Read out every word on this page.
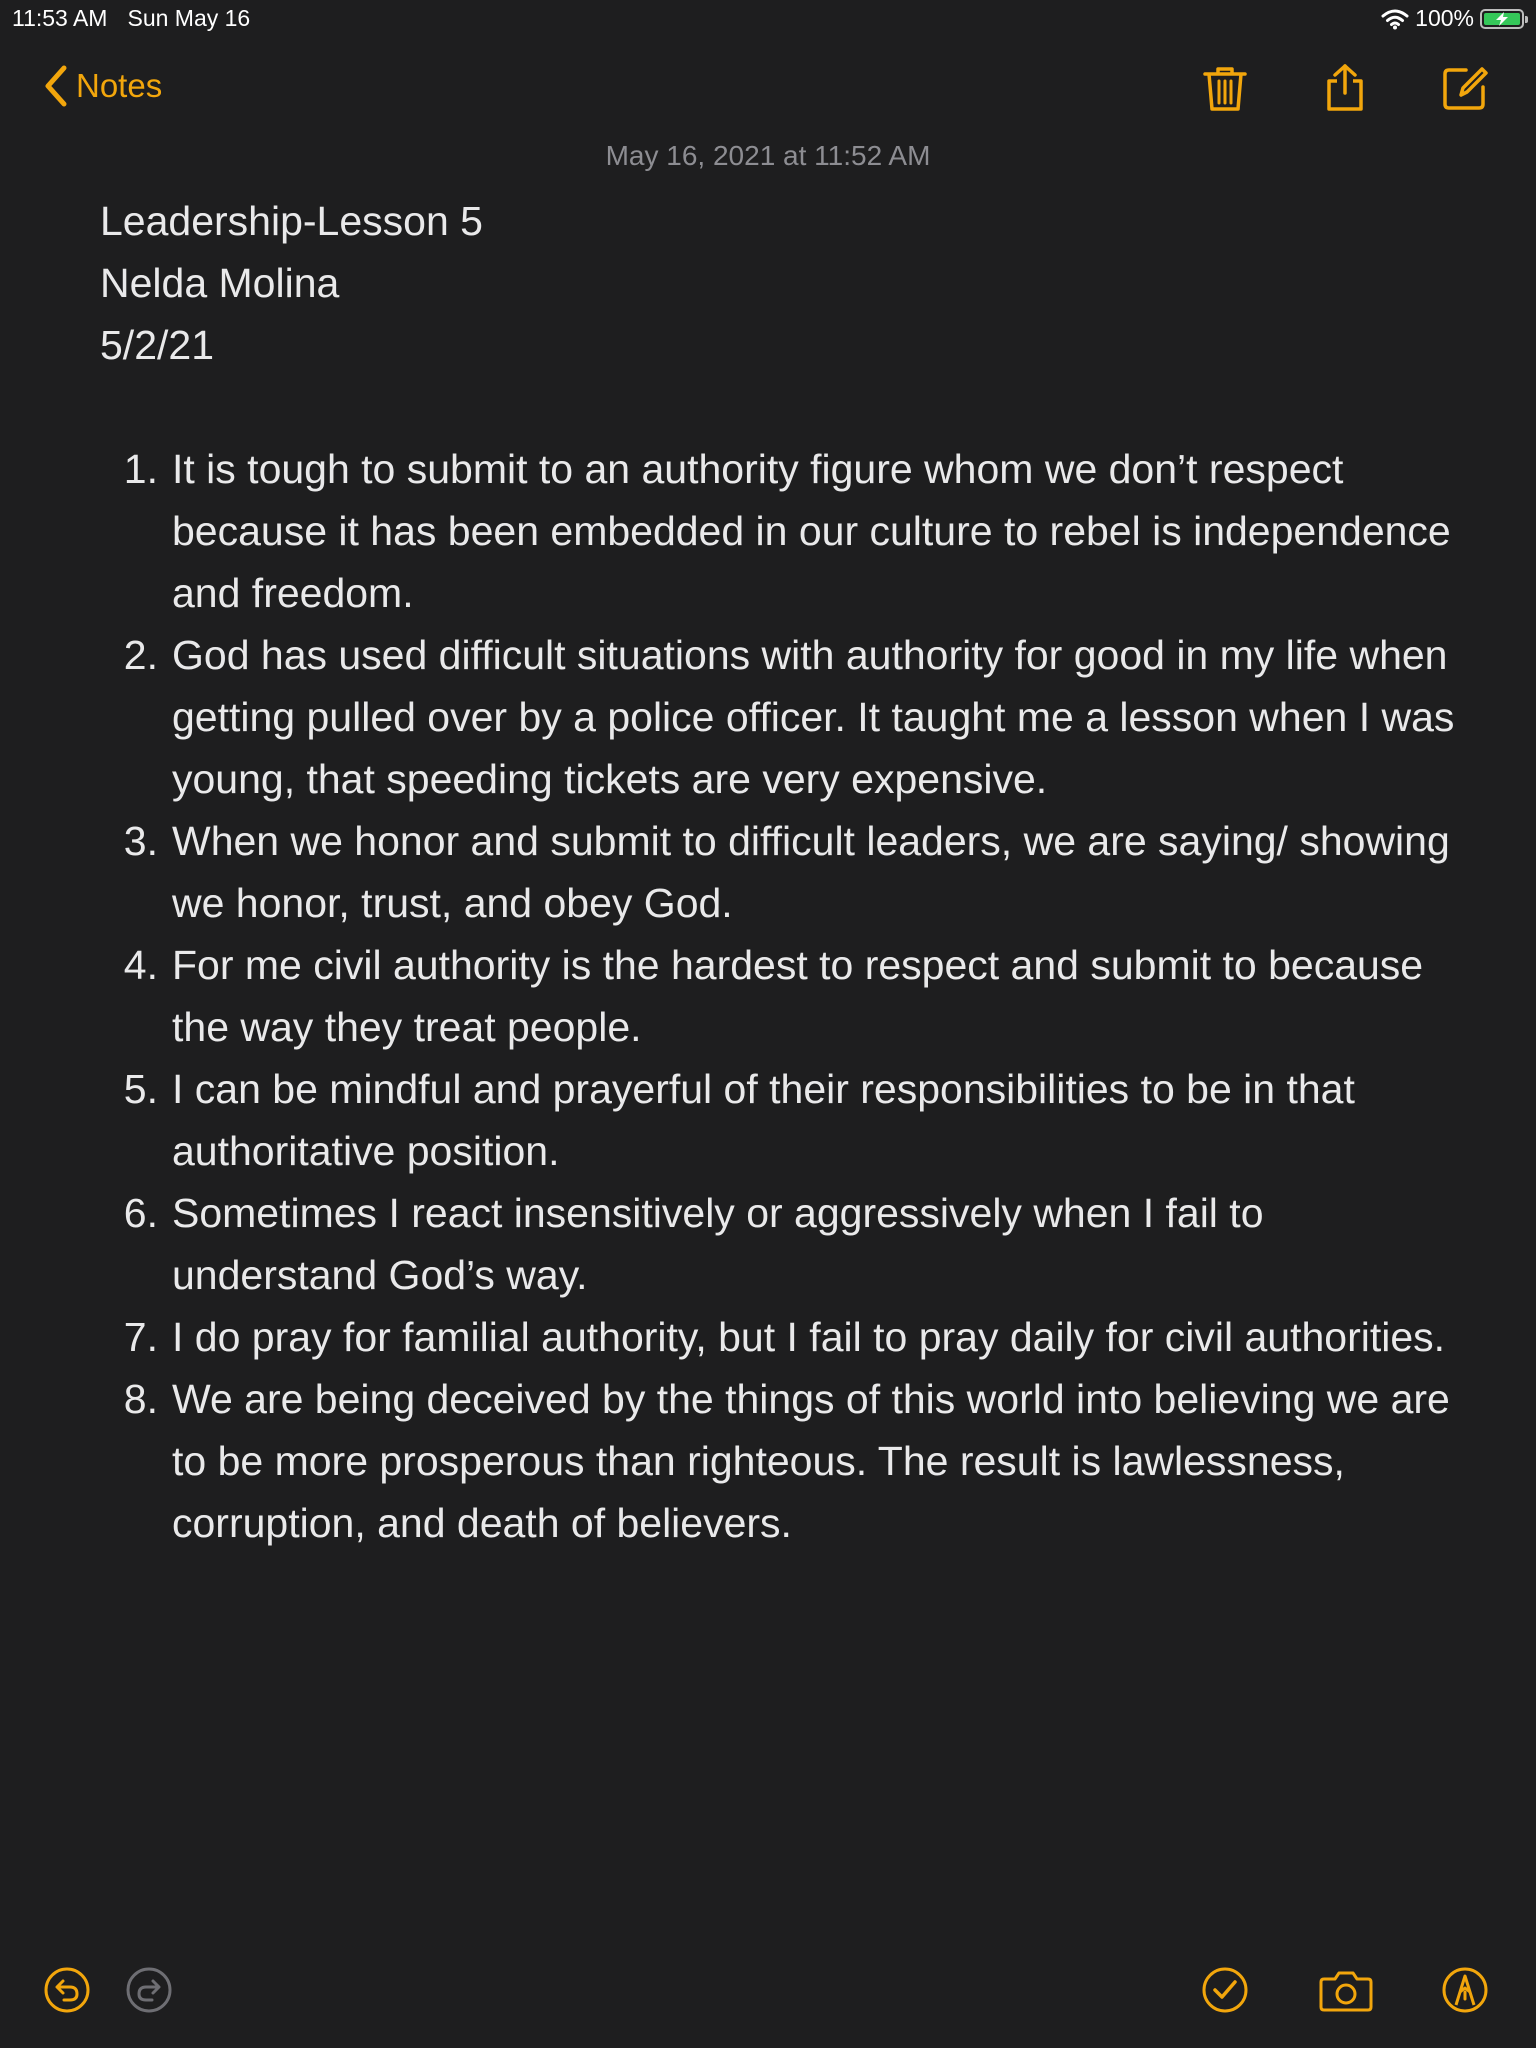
11:53 AM Sun May 16	100%
Notes
May 16, 2021 at 11:52 AM
Leadership-Lesson 5
Nelda Molina
5/2/21
1. It is tough to submit to an authority figure whom we don’t respect because it has been embedded in our culture to rebel is independence and freedom.
2. God has used difficult situations with authority for good in my life when getting pulled over by a police officer. It taught me a lesson when I was young, that speeding tickets are very expensive.
3. When we honor and submit to difficult leaders, we are saying/ showing we honor, trust, and obey God.
4. For me civil authority is the hardest to respect and submit to because the way they treat people.
5. I can be mindful and prayerful of their responsibilities to be in that authoritative position.
6. Sometimes I react insensitively or aggressively when I fail to understand God’s way.
7. I do pray for familial authority, but I fail to pray daily for civil authorities.
8. We are being deceived by the things of this world into believing we are to be more prosperous than righteous. The result is lawlessness, corruption, and death of believers.
